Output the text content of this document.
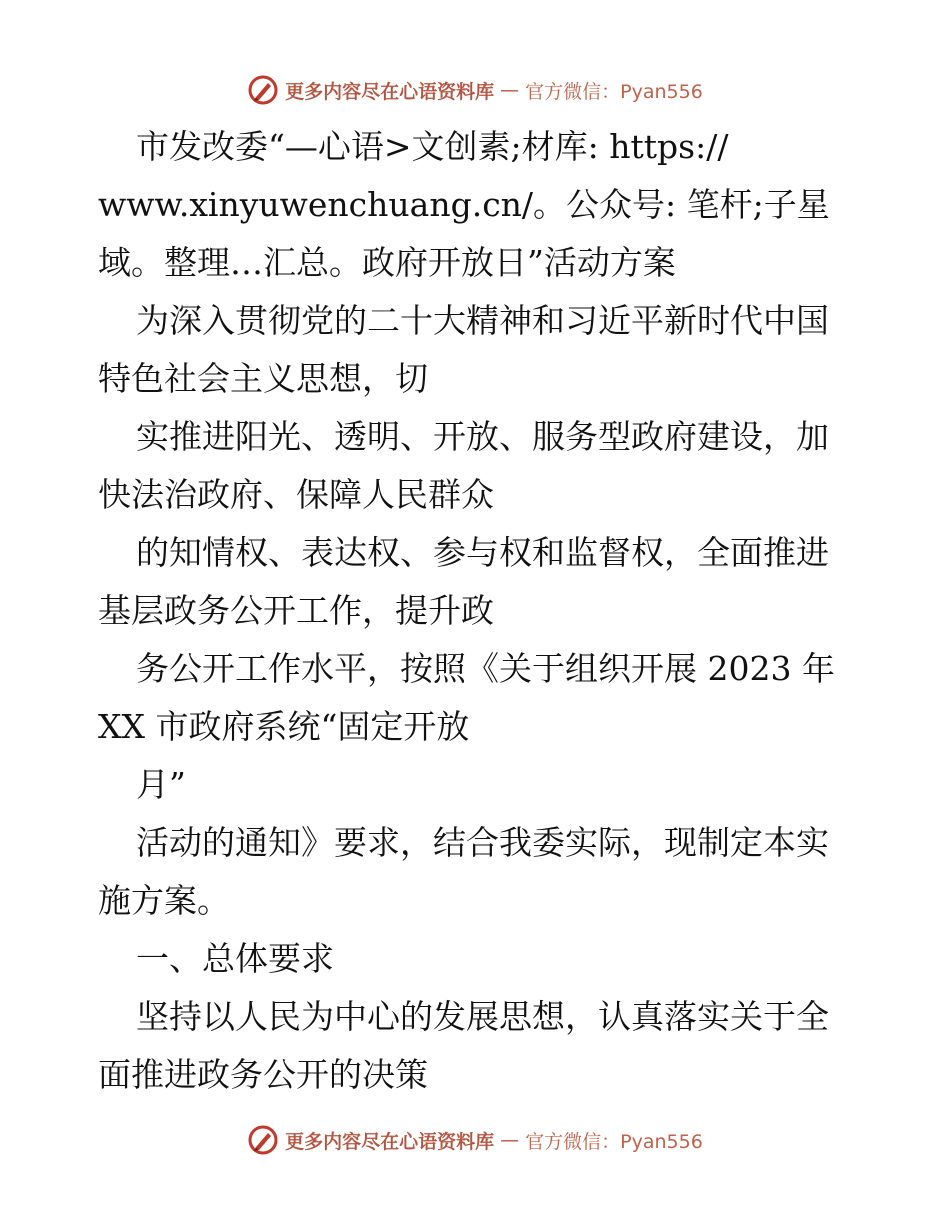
更多内容尽在心语资料库 — 官方微信：Pyan556
市发改委“—心语>文创素;材库: https://
www.xinyuwenchuang.cn/。公众号: 笔杆;子星
域。整理…汇总。政府开放日”活动方案
为深入贯彻党的二十大精神和习近平新时代中国
特色社会主义思想，切
实推进阳光、透明、开放、服务型政府建设，加
快法治政府、保障人民群众
的知情权、表达权、参与权和监督权，全面推进
基层政务公开工作，提升政
务公开工作水平，按照《关于组织开展 2023 年
XX 市政府系统“固定开放
月”
活动的通知》要求，结合我委实际，现制定本实
施方案。
一、总体要求
坚持以人民为中心的发展思想，认真落实关于全
面推进政务公开的决策
更多内容尽在心语资料库 — 官方微信：Pyan556
